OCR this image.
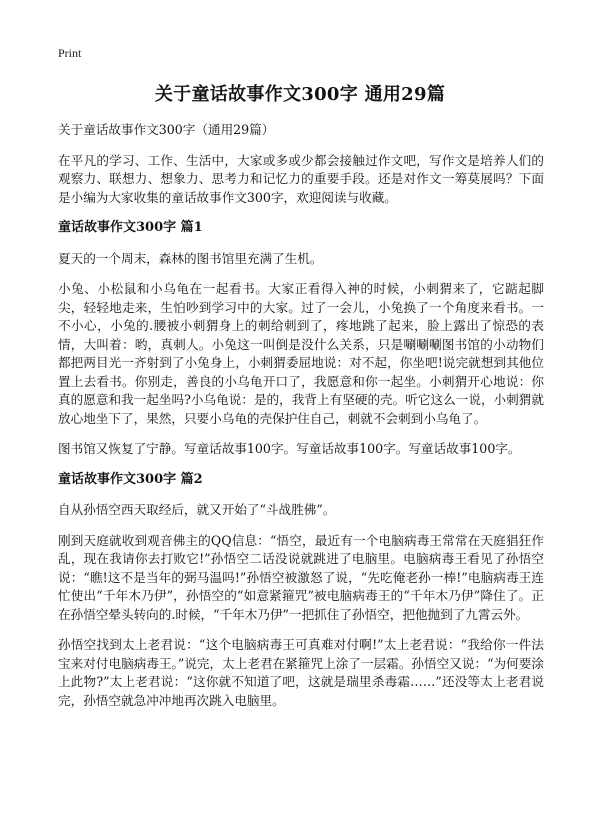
Print
关于童话故事作文300字 通用29篇

关于童话故事作文300字（通用29篇）

在平凡的学习、工作、生活中，大家或多或少都会接触过作文吧，写作文是培养人们的观察力、联想力、想象力、思考力和记忆力的重要手段。还是对作文一筹莫展吗？下面是小编为大家收集的童话故事作文300字，欢迎阅读与收藏。

童话故事作文300字 篇1

夏天的一个周末，森林的图书馆里充满了生机。

小兔、小松鼠和小乌龟在一起看书。大家正看得入神的时候，小刺猬来了，它踮起脚尖，轻轻地走来，生怕吵到学习中的大家。过了一会儿，小兔换了一个角度来看书。一不小心，小兔的.腰被小刺猬身上的刺给刺到了，疼地跳了起来，脸上露出了惊恐的表情，大叫着：哟，真刺人。小兔这一叫倒是没什么关系，只是唰唰唰图书馆的小动物们都把两目光一齐射到了小兔身上，小刺猬委屈地说：对不起，你坐吧!说完就想到其他位置上去看书。你别走，善良的小乌龟开口了，我愿意和你一起坐。小刺猬开心地说：你真的愿意和我一起坐吗?小乌龟说：是的，我背上有坚硬的壳。听它这么一说，小刺猬就放心地坐下了，果然，只要小乌龟的壳保护住自己，刺就不会刺到小乌龟了。

图书馆又恢复了宁静。写童话故事100字。写童话故事100字。写童话故事100字。

童话故事作文300字 篇2

自从孙悟空西天取经后，就又开始了“斗战胜佛”。

刚到天庭就收到观音佛主的QQ信息：“悟空，最近有一个电脑病毒王常常在天庭猖狂作乱，现在我请你去打败它!”孙悟空二话没说就跳进了电脑里。电脑病毒王看见了孙悟空说：“瞧!这不是当年的弼马温吗!”孙悟空被激怒了说，“先吃俺老孙一棒!”电脑病毒王连忙使出“千年木乃伊”，孙悟空的“如意紧箍咒”被电脑病毒王的“千年木乃伊”降住了。正在孙悟空晕头转向的.时候，“千年木乃伊”一把抓住了孙悟空，把他抛到了九霄云外。

孙悟空找到太上老君说：“这个电脑病毒王可真难对付啊!”太上老君说：“我给你一件法宝来对付电脑病毒王。”说完，太上老君在紧箍咒上涂了一层霜。孙悟空又说：“为何要涂上此物?”太上老君说：“这你就不知道了吧，这就是瑞里杀毒霜……”还没等太上老君说完，孙悟空就急冲冲地再次跳入电脑里。
